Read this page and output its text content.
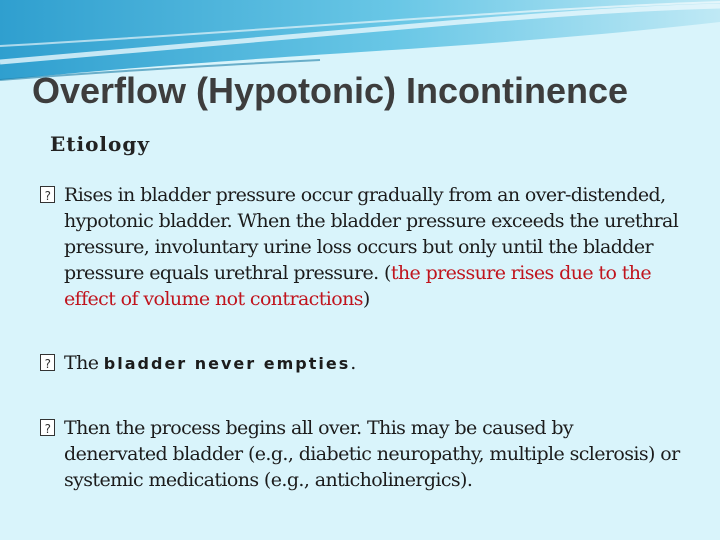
Overflow (Hypotonic) Incontinence
Etiology
?
Rises in bladder pressure occur gradually from an over-distended, hypotonic bladder. When the bladder pressure exceeds the urethral pressure, involuntary urine loss occurs but only until the bladder pressure equals urethral pressure. (the pressure rises due to the effect of volume not contractions)
?
The bladder never empties.
?
Then the process begins all over. This may be caused by denervated bladder (e.g., diabetic neuropathy, multiple sclerosis) or systemic medications (e.g., anticholinergics).
